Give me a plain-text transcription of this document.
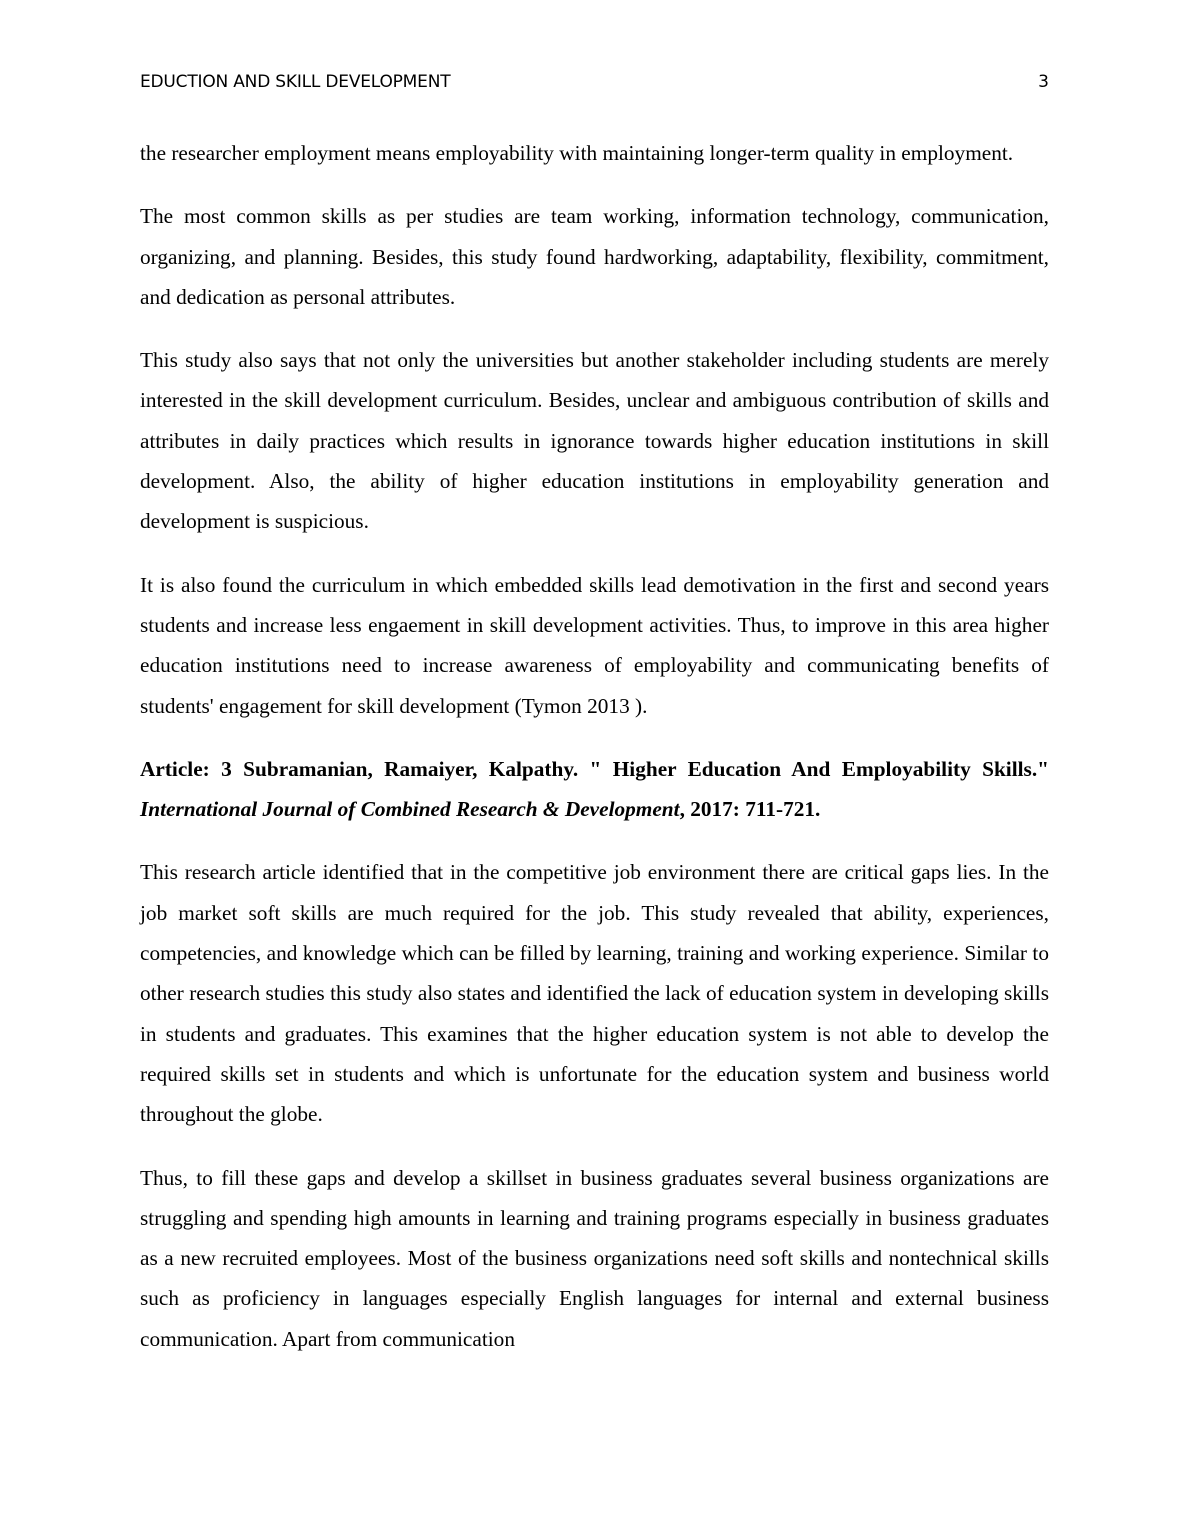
EDUCTION AND SKILL DEVELOPMENT	3

the researcher employment means employability with maintaining longer-term quality in employment.

The most common skills as per studies are team working, information technology, communication, organizing, and planning. Besides, this study found hardworking, adaptability, flexibility, commitment, and dedication as personal attributes.

This study also says that not only the universities but another stakeholder including students are merely interested in the skill development curriculum. Besides, unclear and ambiguous contribution of skills and attributes in daily practices which results in ignorance towards higher education institutions in skill development. Also, the ability of higher education institutions in employability generation and development is suspicious.

It is also found the curriculum in which embedded skills lead demotivation in the first and second years students and increase less engaement in skill development activities. Thus, to improve in this area higher education institutions need to increase awareness of employability and communicating benefits of students' engagement for skill development (Tymon 2013 ).

Article: 3 Subramanian, Ramaiyer, Kalpathy. " Higher Education And Employability Skills." International Journal of Combined Research & Development, 2017: 711-721.

This research article identified that in the competitive job environment there are critical gaps lies. In the job market soft skills are much required for the job. This study revealed that ability, experiences, competencies, and knowledge which can be filled by learning, training and working experience. Similar to other research studies this study also states and identified the lack of education system in developing skills in students and graduates. This examines that the higher education system is not able to develop the required skills set in students and which is unfortunate for the education system and business world throughout the globe.

Thus, to fill these gaps and develop a skillset in business graduates several business organizations are struggling and spending high amounts in learning and training programs especially in business graduates as a new recruited employees. Most of the business organizations need soft skills and nontechnical skills such as proficiency in languages especially English languages for internal and external business communication. Apart from communication
